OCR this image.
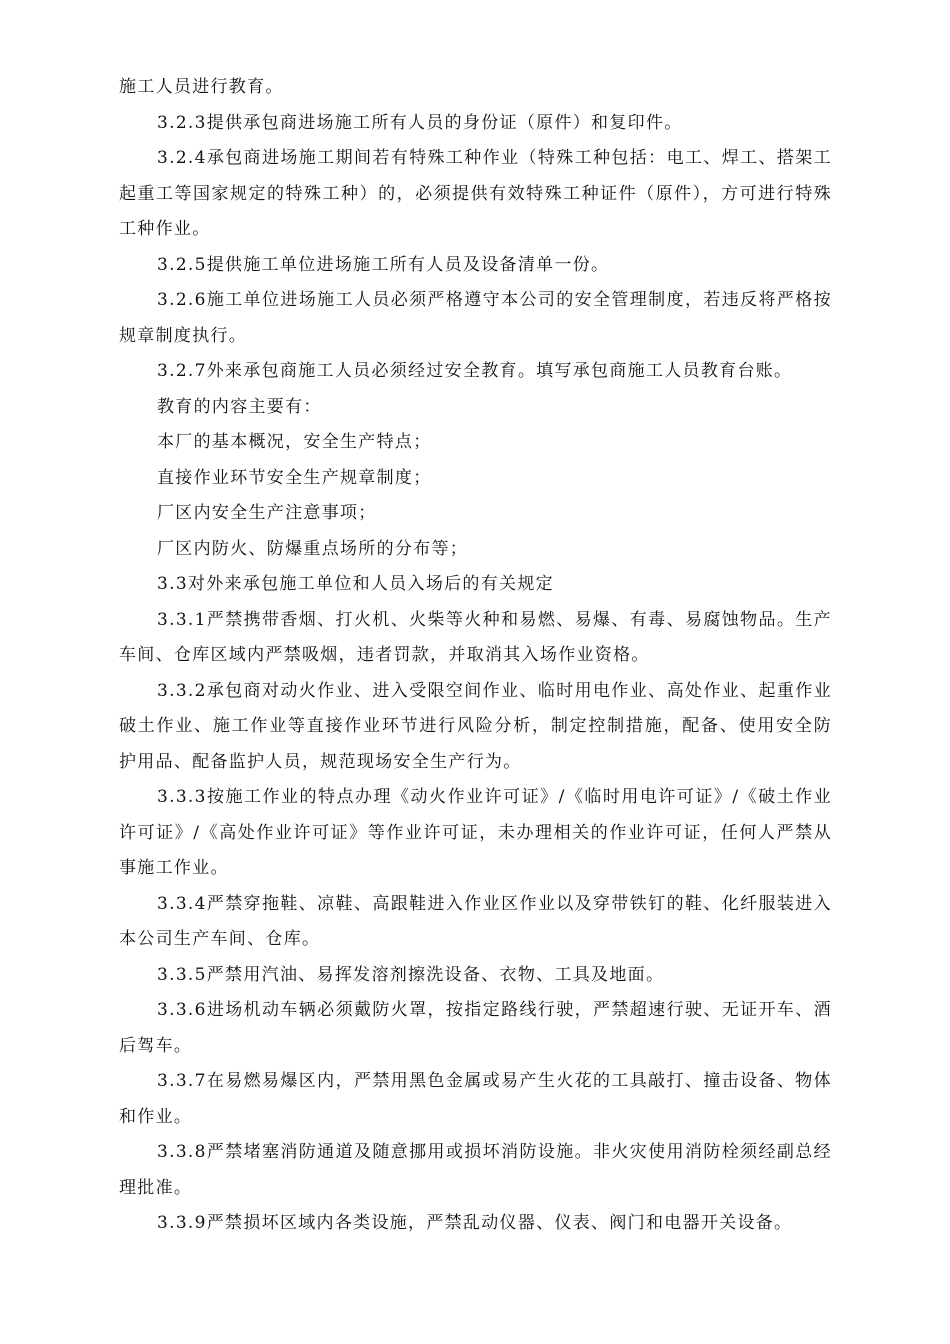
施工人员进行教育。

3.2.3提供承包商进场施工所有人员的身份证（原件）和复印件。

3.2.4承包商进场施工期间若有特殊工种作业（特殊工种包括：电工、焊工、搭架工起重工等国家规定的特殊工种）的，必须提供有效特殊工种证件（原件），方可进行特殊工种作业。

3.2.5提供施工单位进场施工所有人员及设备清单一份。

3.2.6施工单位进场施工人员必须严格遵守本公司的安全管理制度，若违反将严格按规章制度执行。

3.2.7外来承包商施工人员必须经过安全教育。填写承包商施工人员教育台账。

教育的内容主要有：

本厂的基本概况，安全生产特点；

直接作业环节安全生产规章制度；

厂区内安全生产注意事项；

厂区内防火、防爆重点场所的分布等；

3.3对外来承包施工单位和人员入场后的有关规定

3.3.1严禁携带香烟、打火机、火柴等火种和易燃、易爆、有毒、易腐蚀物品。生产车间、仓库区域内严禁吸烟，违者罚款，并取消其入场作业资格。

3.3.2承包商对动火作业、进入受限空间作业、临时用电作业、高处作业、起重作业破土作业、施工作业等直接作业环节进行风险分析，制定控制措施，配备、使用安全防护用品、配备监护人员，规范现场安全生产行为。

3.3.3按施工作业的特点办理《动火作业许可证》/《临时用电许可证》/《破土作业许可证》/《高处作业许可证》等作业许可证，未办理相关的作业许可证，任何人严禁从事施工作业。

3.3.4严禁穿拖鞋、凉鞋、高跟鞋进入作业区作业以及穿带铁钉的鞋、化纤服装进入本公司生产车间、仓库。

3.3.5严禁用汽油、易挥发溶剂擦洗设备、衣物、工具及地面。

3.3.6进场机动车辆必须戴防火罩，按指定路线行驶，严禁超速行驶、无证开车、酒后驾车。

3.3.7在易燃易爆区内，严禁用黑色金属或易产生火花的工具敲打、撞击设备、物体和作业。

3.3.8严禁堵塞消防通道及随意挪用或损坏消防设施。非火灾使用消防栓须经副总经理批准。

3.3.9严禁损坏区域内各类设施，严禁乱动仪器、仪表、阀门和电器开关设备。
